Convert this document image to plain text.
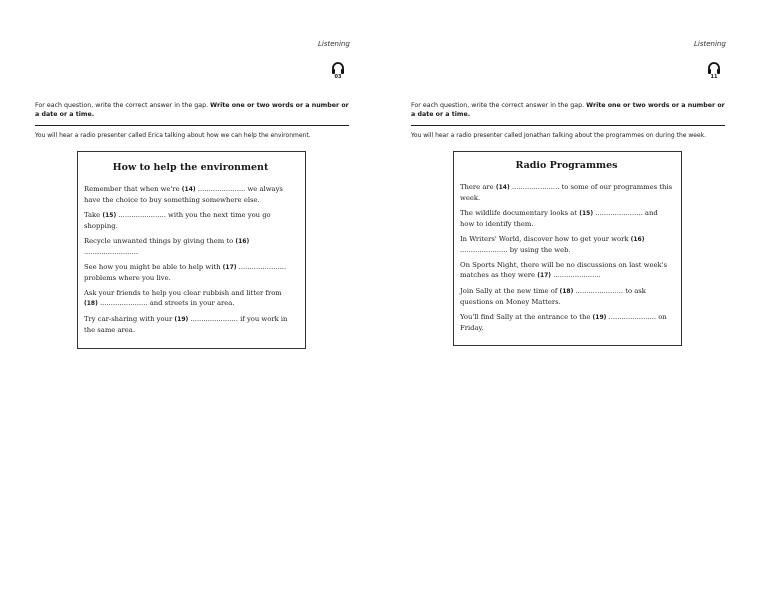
Listening
03
For each question, write the correct answer in the gap. Write one or two words or a number or a date or a time.
You will hear a radio presenter called Erica talking about how we can help the environment.
How to help the environment
Remember that when we're (14) ...................... we always have the choice to buy something somewhere else.
Take (15) ...................... with you the next time you go shopping.
Recycle unwanted things by giving them to (16) .........................
See how you might be able to help with (17) ...................... problems where you live.
Ask your friends to help you clear rubbish and litter from (18) ...................... and streets in your area.
Try car-sharing with your (19) ...................... if you work in the same area.
Listening
11
For each question, write the correct answer in the gap. Write one or two words or a number or a date or a time.
You will hear a radio presenter called Jonathan talking about the programmes on during the week.
Radio Programmes
There are (14) ...................... to some of our programmes this week.
The wildlife documentary looks at (15) ...................... and how to identify them.
In Writers' World, discover how to get your work (16) ...................... by using the web.
On Sports Night, there will be no discussions on last week's matches as they were (17) ......................
Join Sally at the new time of (18) ...................... to ask questions on Money Matters.
You'll find Sally at the entrance to the (19) ...................... on Friday.
